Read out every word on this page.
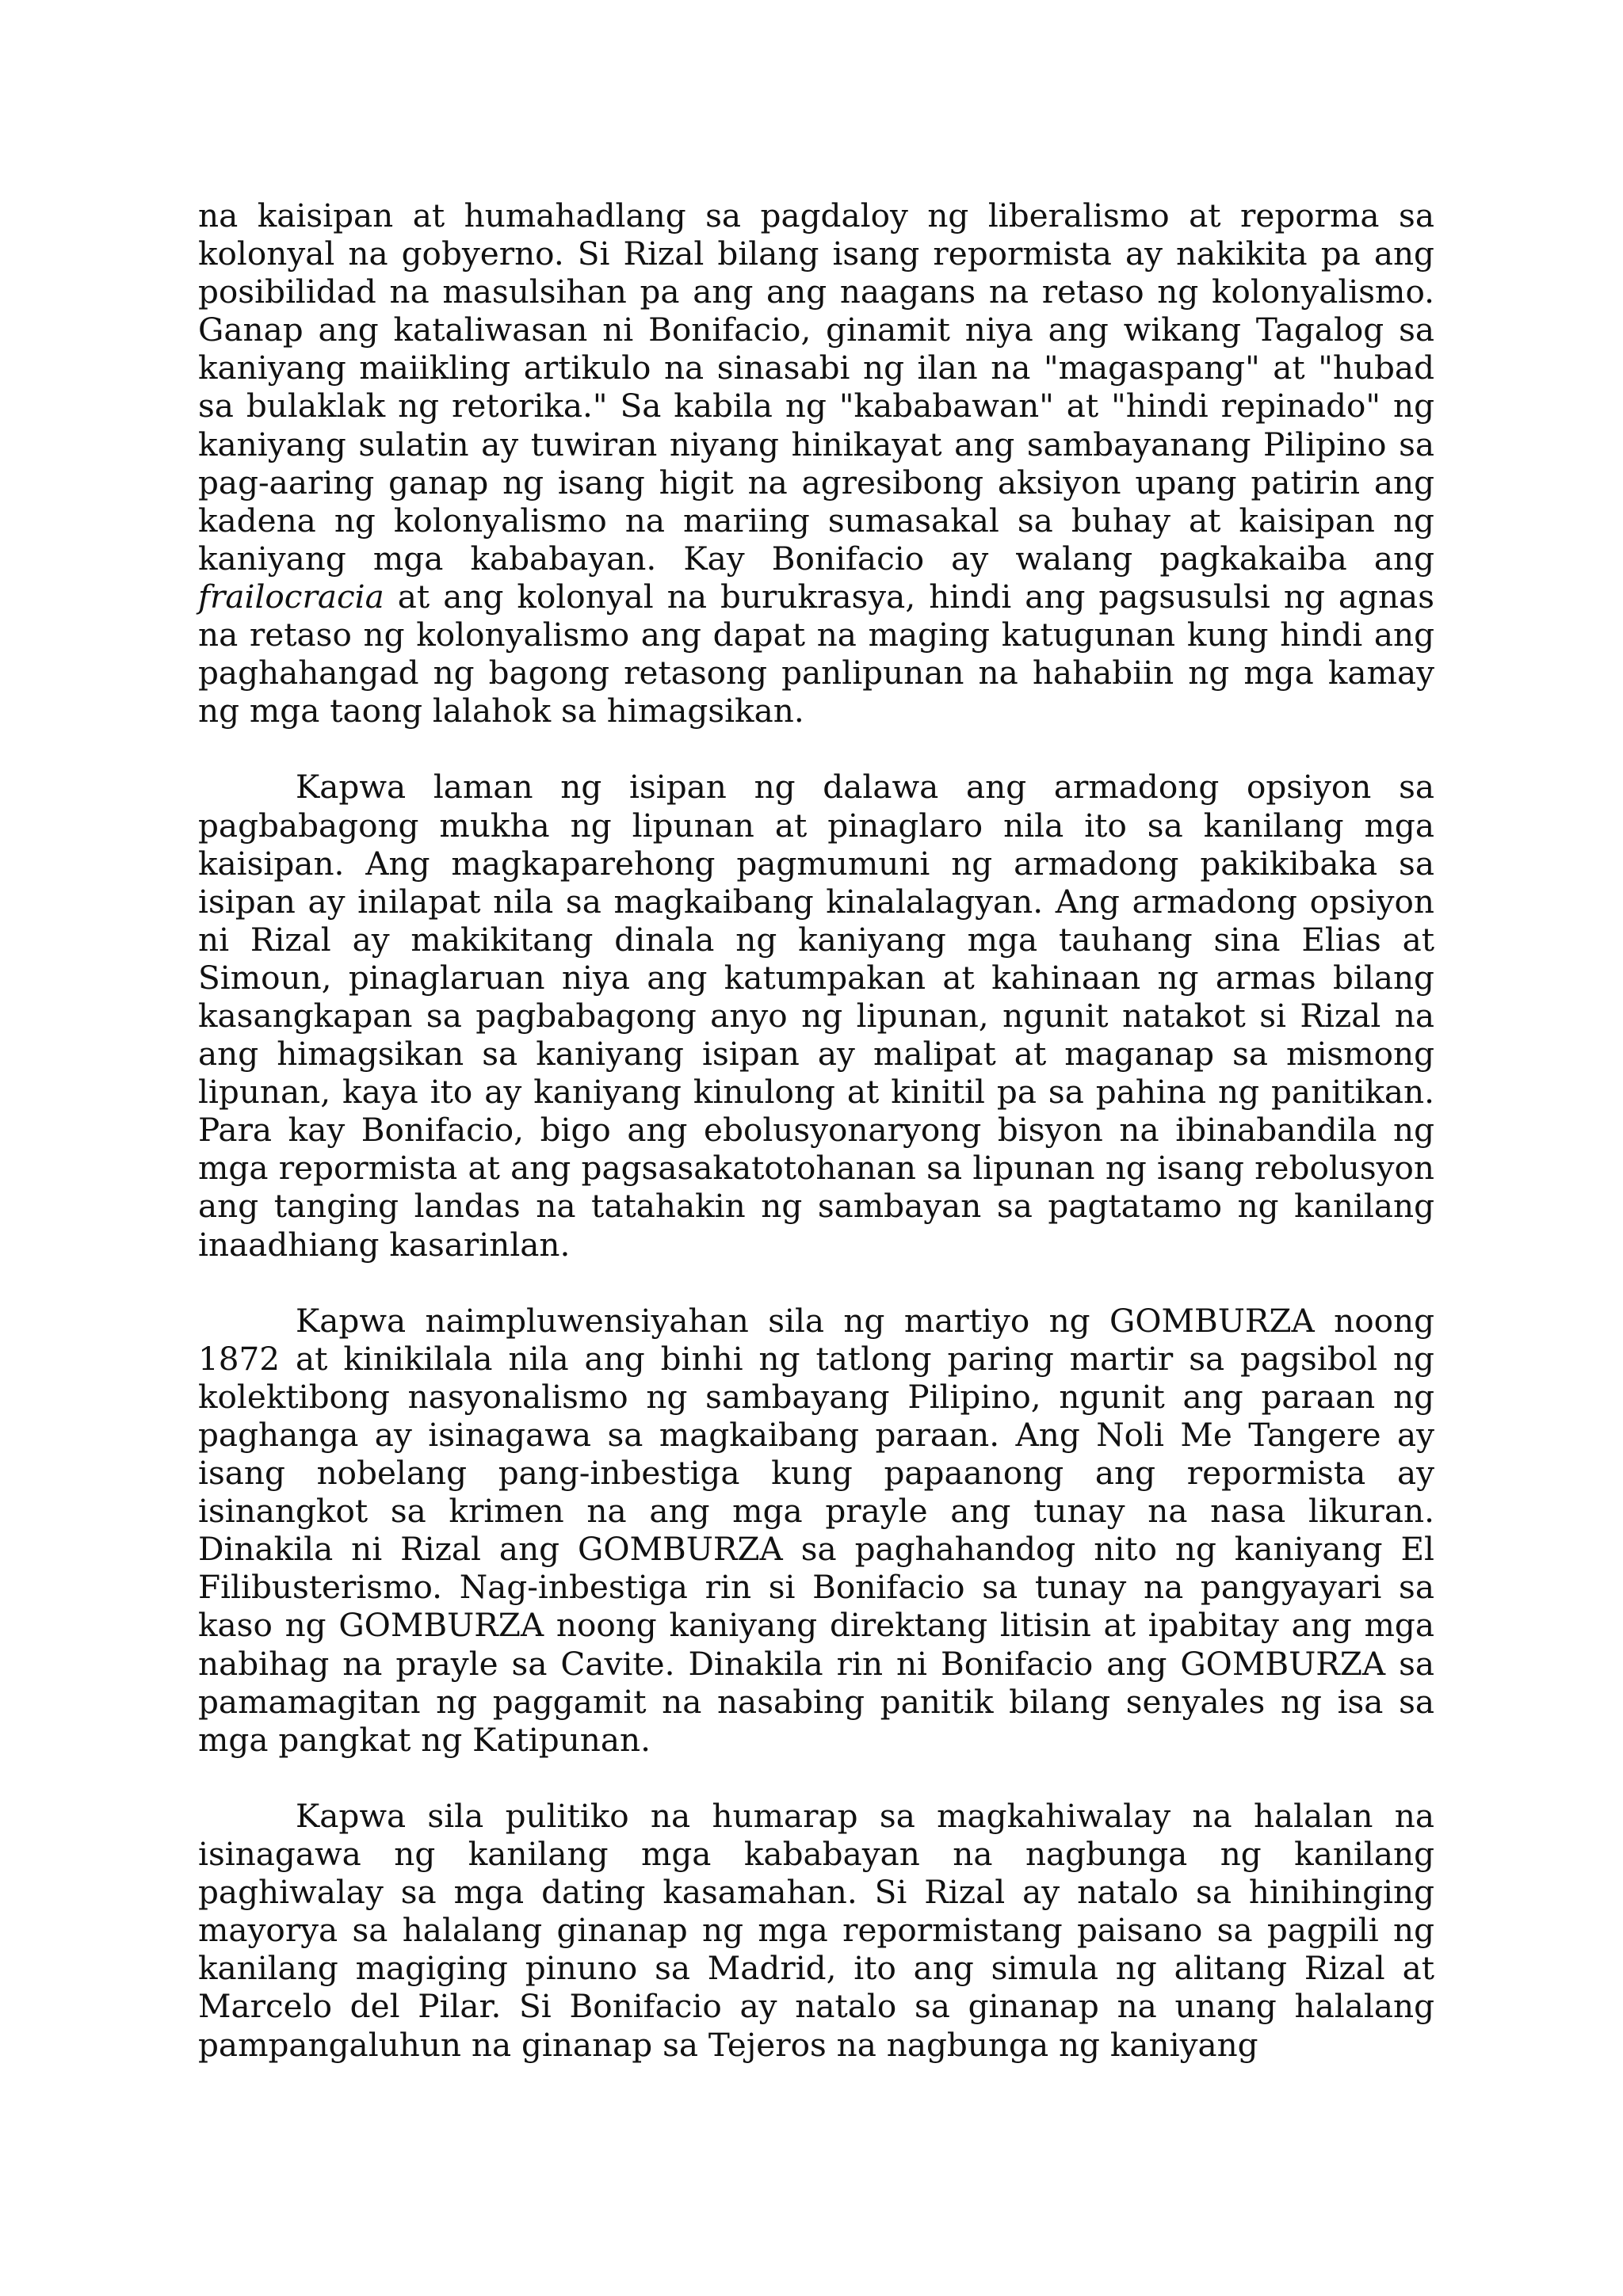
na kaisipan at humahadlang sa pagdaloy ng liberalismo at reporma sa kolonyal na gobyerno. Si Rizal bilang isang repormista ay nakikita pa ang posibilidad na masulsihan pa ang ang naagans na retaso ng kolonyalismo. Ganap ang kataliwasan ni Bonifacio, ginamit niya ang wikang Tagalog sa kaniyang maiikling artikulo na sinasabi ng ilan na "magaspang" at "hubad sa bulaklak ng retorika." Sa kabila ng "kababawan" at "hindi repinado" ng kaniyang sulatin ay tuwiran niyang hinikayat ang sambayanang Pilipino sa pag-aaring ganap ng isang higit na agresibong aksiyon upang patirin ang kadena ng kolonyalismo na mariing sumasakal sa buhay at kaisipan ng kaniyang mga kababayan. Kay Bonifacio ay walang pagkakaiba ang frailocracia at ang kolonyal na burukrasya, hindi ang pagsusulsi ng agnas na retaso ng kolonyalismo ang dapat na maging katugunan kung hindi ang paghahangad ng bagong retasong panlipunan na hahabiin ng mga kamay ng mga taong lalahok sa himagsikan.

Kapwa laman ng isipan ng dalawa ang armadong opsiyon sa pagbabagong mukha ng lipunan at pinaglaro nila ito sa kanilang mga kaisipan. Ang magkaparehong pagmumuni ng armadong pakikibaka sa isipan ay inilapat nila sa magkaibang kinalalagyan. Ang armadong opsiyon ni Rizal ay makikitang dinala ng kaniyang mga tauhang sina Elias at Simoun, pinaglaruan niya ang katumpakan at kahinaan ng armas bilang kasangkapan sa pagbabagong anyo ng lipunan, ngunit natakot si Rizal na ang himagsikan sa kaniyang isipan ay malipat at maganap sa mismong lipunan, kaya ito ay kaniyang kinulong at kinitil pa sa pahina ng panitikan. Para kay Bonifacio, bigo ang ebolusyonaryong bisyon na ibinabandila ng mga repormista at ang pagsasakatotohanan sa lipunan ng isang rebolusyon ang tanging landas na tatahakin ng sambayan sa pagtatamo ng kanilang inaadhiang kasarinlan.

Kapwa naimpluwensiyahan sila ng martiyo ng GOMBURZA noong 1872 at kinikilala nila ang binhi ng tatlong paring martir sa pagsibol ng kolektibong nasyonalismo ng sambayang Pilipino, ngunit ang paraan ng paghanga ay isinagawa sa magkaibang paraan. Ang Noli Me Tangere ay isang nobelang pang-inbestiga kung papaanong ang repormista ay isinangkot sa krimen na ang mga prayle ang tunay na nasa likuran. Dinakila ni Rizal ang GOMBURZA sa paghahandog nito ng kaniyang El Filibusterismo. Nag-inbestiga rin si Bonifacio sa tunay na pangyayari sa kaso ng GOMBURZA noong kaniyang direktang litisin at ipabitay ang mga nabihag na prayle sa Cavite. Dinakila rin ni Bonifacio ang GOMBURZA sa pamamagitan ng paggamit na nasabing panitik bilang senyales ng isa sa mga pangkat ng Katipunan.

Kapwa sila pulitiko na humarap sa magkahiwalay na halalan na isinagawa ng kanilang mga kababayan na nagbunga ng kanilang paghiwalay sa mga dating kasamahan. Si Rizal ay natalo sa hinihinging mayorya sa halalang ginanap ng mga repormistang paisano sa pagpili ng kanilang magiging pinuno sa Madrid, ito ang simula ng alitang Rizal at Marcelo del Pilar. Si Bonifacio ay natalo sa ginanap na unang halalang pampangaluhun na ginanap sa Tejeros na nagbunga ng kaniyang
